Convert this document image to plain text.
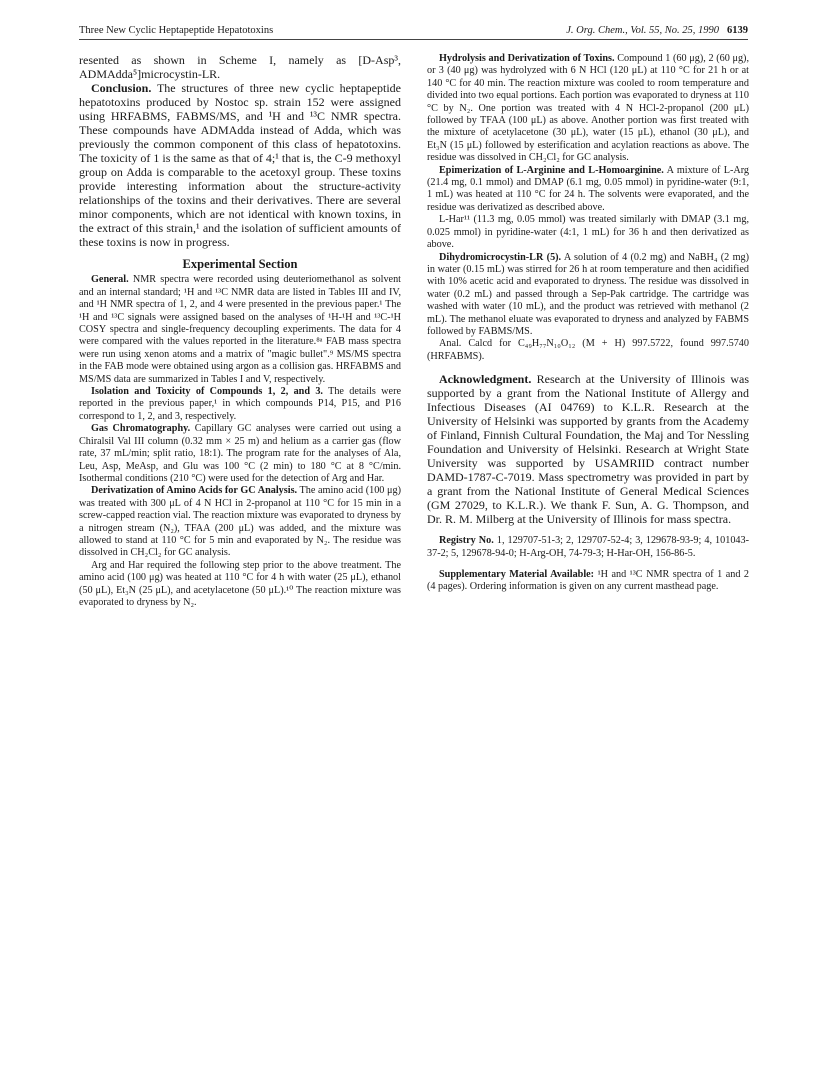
Three New Cyclic Heptapeptide Hepatotoxins	J. Org. Chem., Vol. 55, No. 25, 1990 6139

resented as shown in Scheme I, namely as [D-Asp³, ADMAdda⁵]microcystin-LR.

Conclusion. The structures of three new cyclic heptapeptide hepatotoxins produced by Nostoc sp. strain 152 were assigned using HRFABMS, FABMS/MS, and ¹H and ¹³C NMR spectra. These compounds have ADMAdda instead of Adda, which was previously the common component of this class of hepatotoxins. The toxicity of 1 is the same as that of 4;¹ that is, the C-9 methoxyl group on Adda is comparable to the acetoxyl group. These toxins provide interesting information about the structure-activity relationships of the toxins and their derivatives. There are several minor components, which are not identical with known toxins, in the extract of this strain,¹ and the isolation of sufficient amounts of these toxins is now in progress.

Experimental Section

General. NMR spectra were recorded using deuteriomethanol as solvent and an internal standard; ¹H and ¹³C NMR data are listed in Tables III and IV, and ¹H NMR spectra of 1, 2, and 4 were presented in the previous paper.¹ The ¹H and ¹³C signals were assigned based on the analyses of ¹H-¹H and ¹³C-¹H COSY spectra and single-frequency decoupling experiments. The data for 4 were compared with the values reported in the literature.⁸ᵃ FAB mass spectra were run using xenon atoms and a matrix of "magic bullet".⁹ MS/MS spectra in the FAB mode were obtained using argon as a collision gas. HRFABMS and MS/MS data are summarized in Tables I and V, respectively.

Isolation and Toxicity of Compounds 1, 2, and 3. The details were reported in the previous paper,¹ in which compounds P14, P15, and P16 correspond to 1, 2, and 3, respectively.

Gas Chromatography. Capillary GC analyses were carried out using a Chiralsil Val III column (0.32 mm × 25 m) and helium as a carrier gas (flow rate, 37 mL/min; split ratio, 18:1). The program rate for the analyses of Ala, Leu, Asp, MeAsp, and Glu was 100 °C (2 min) to 180 °C at 8 °C/min. Isothermal conditions (210 °C) were used for the detection of Arg and Har.

Derivatization of Amino Acids for GC Analysis. The amino acid (100 μg) was treated with 300 μL of 4 N HCl in 2-propanol at 110 °C for 15 min in a screw-capped reaction vial. The reaction mixture was evaporated to dryness by a nitrogen stream (N₂), TFAA (200 μL) was added, and the mixture was allowed to stand at 110 °C for 5 min and evaporated by N₂. The residue was dissolved in CH₂Cl₂ for GC analysis.

Arg and Har required the following step prior to the above treatment. The amino acid (100 μg) was heated at 110 °C for 4 h with water (25 μL), ethanol (50 μL), Et₃N (25 μL), and acetylacetone (50 μL).¹⁰ The reaction mixture was evaporated to dryness by N₂.

Hydrolysis and Derivatization of Toxins. Compound 1 (60 μg), 2 (60 μg), or 3 (40 μg) was hydrolyzed with 6 N HCl (120 μL) at 110 °C for 21 h or at 140 °C for 40 min. The reaction mixture was cooled to room temperature and divided into two equal portions. Each portion was evaporated to dryness at 110 °C by N₂. One portion was treated with 4 N HCl-2-propanol (200 μL) followed by TFAA (100 μL) as above. Another portion was first treated with the mixture of acetylacetone (30 μL), water (15 μL), ethanol (30 μL), and Et₃N (15 μL) followed by esterification and acylation reactions as above. The residue was dissolved in CH₂Cl₂ for GC analysis.

Epimerization of L-Arginine and L-Homoarginine. A mixture of L-Arg (21.4 mg, 0.1 mmol) and DMAP (6.1 mg, 0.05 mmol) in pyridine-water (9:1, 1 mL) was heated at 110 °C for 24 h. The solvents were evaporated, and the residue was derivatized as described above.

L-Har¹¹ (11.3 mg, 0.05 mmol) was treated similarly with DMAP (3.1 mg, 0.025 mmol) in pyridine-water (4:1, 1 mL) for 36 h and then derivatized as above.

Dihydromicrocystin-LR (5). A solution of 4 (0.2 mg) and NaBH₄ (2 mg) in water (0.15 mL) was stirred for 26 h at room temperature and then acidified with 10% acetic acid and evaporated to dryness. The residue was dissolved in water (0.2 mL) and passed through a Sep-Pak cartridge. The cartridge was washed with water (10 mL), and the product was retrieved with methanol (2 mL). The methanol eluate was evaporated to dryness and analyzed by FABMS followed by FABMS/MS.

Anal. Calcd for C₄₉H₇₇N₁₀O₁₂ (M + H) 997.5722, found 997.5740 (HRFABMS).

Acknowledgment. Research at the University of Illinois was supported by a grant from the National Institute of Allergy and Infectious Diseases (AI 04769) to K.L.R. Research at the University of Helsinki was supported by grants from the Academy of Finland, Finnish Cultural Foundation, the Maj and Tor Nessling Foundation and University of Helsinki. Research at Wright State University was supported by USAMRIID contract number DAMD-1787-C-7019. Mass spectrometry was provided in part by a grant from the National Institute of General Medical Sciences (GM 27029, to K.L.R.). We thank F. Sun, A. G. Thompson, and Dr. R. M. Milberg at the University of Illinois for mass spectra.

Registry No. 1, 129707-51-3; 2, 129707-52-4; 3, 129678-93-9; 4, 101043-37-2; 5, 129678-94-0; H-Arg-OH, 74-79-3; H-Har-OH, 156-86-5.

Supplementary Material Available: ¹H and ¹³C NMR spectra of 1 and 2 (4 pages). Ordering information is given on any current masthead page.
